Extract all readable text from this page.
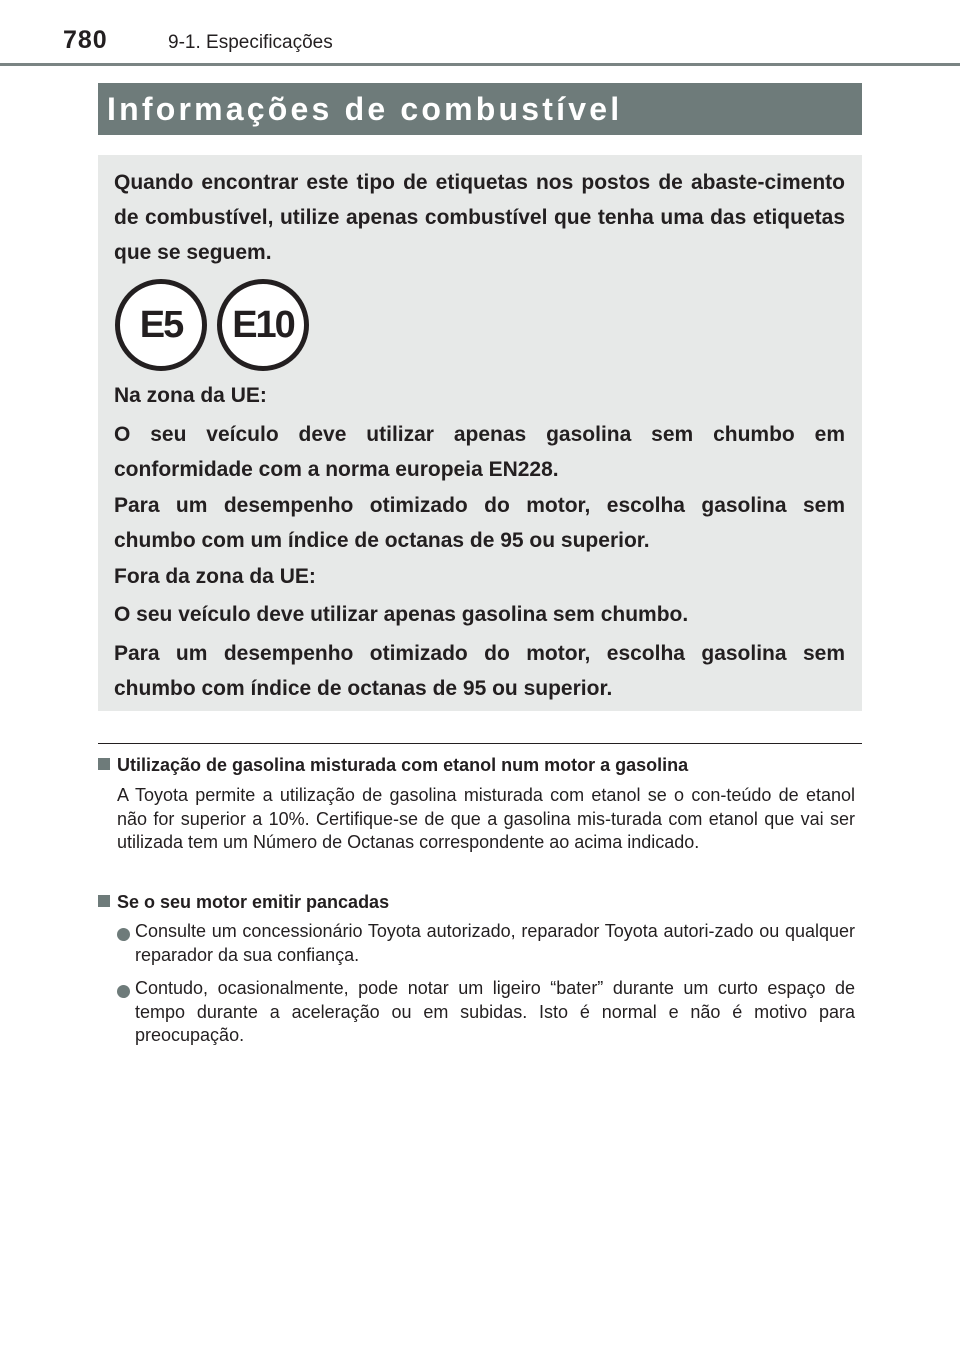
780	9-1. Especificações
Informações de combustível

Quando encontrar este tipo de etiquetas nos postos de abaste-cimento de combustível, utilize apenas combustível que tenha uma das etiquetas que se seguem.

E5	E10

Na zona da UE:

O seu veículo deve utilizar apenas gasolina sem chumbo em conformidade com a norma europeia EN228.

Para um desempenho otimizado do motor, escolha gasolina sem chumbo com um índice de octanas de 95 ou superior.

Fora da zona da UE:

O seu veículo deve utilizar apenas gasolina sem chumbo.

Para um desempenho otimizado do motor, escolha gasolina sem chumbo com índice de octanas de 95 ou superior.

Utilização de gasolina misturada com etanol num motor a gasolina

A Toyota permite a utilização de gasolina misturada com etanol se o con-teúdo de etanol não for superior a 10%. Certifique-se de que a gasolina mis-turada com etanol que vai ser utilizada tem um Número de Octanas correspondente ao acima indicado.

Se o seu motor emitir pancadas

Consulte um concessionário Toyota autorizado, reparador Toyota autori-zado ou qualquer reparador da sua confiança.

Contudo, ocasionalmente, pode notar um ligeiro “bater” durante um curto espaço de tempo durante a aceleração ou em subidas. Isto é normal e não é motivo para preocupação.
